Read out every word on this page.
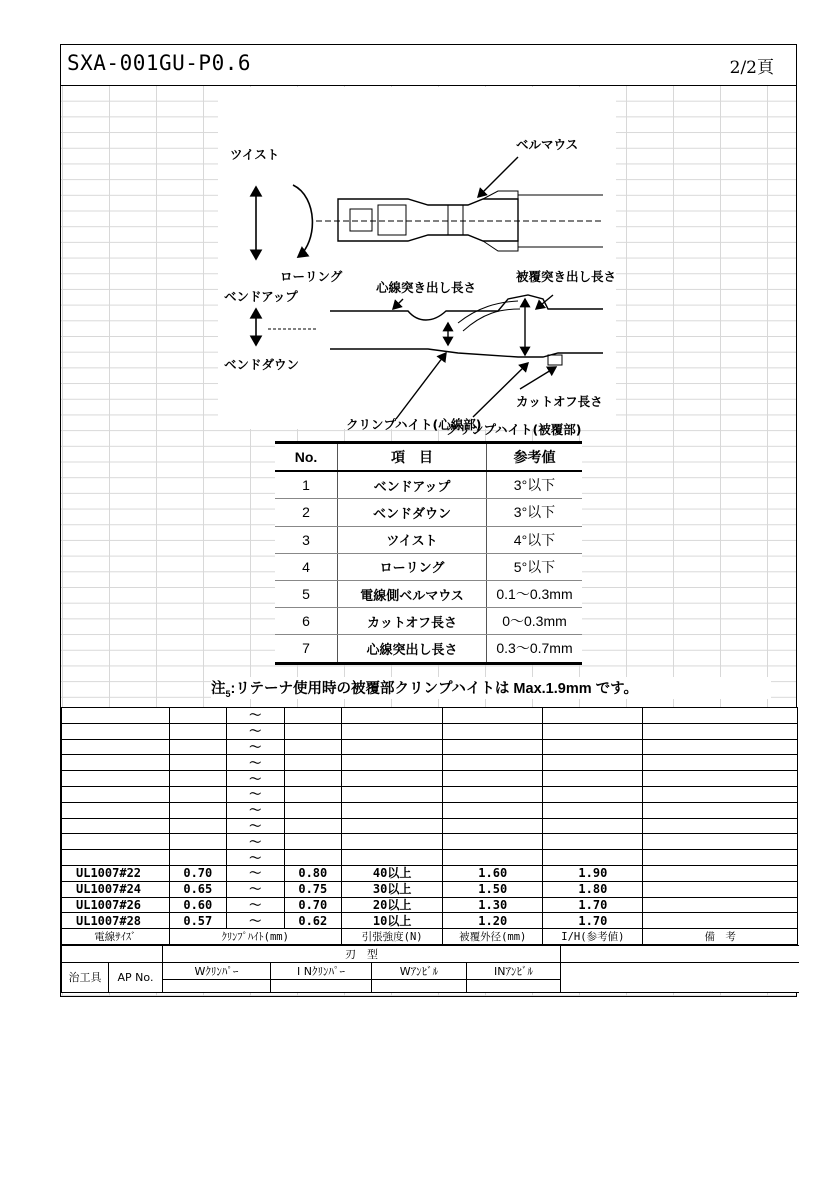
SXA-001GU-P0.6	2/2頁
ツイスト
ベルマウス
ローリング
ベンドアップ
ベンドダウン
心線突き出し長さ
被覆突き出し長さ
カットオフ長さ
クリンプハイト(被覆部)
クリンプハイト(心線部)
No.	項　目	参考値
1	ベンドアップ	3°以下
2	ベンドダウン	3°以下
3	ツイスト	4°以下
4	ローリング	5°以下
5	電線側ベルマウス	0.1～0.3mm
6	カットオフ長さ	0～0.3mm
7	心線突出し長さ	0.3～0.7mm
注$_5$:リテーナ使用時の被覆部クリンプハイトは Max.1.9mm です。
		～					
		～					
		～					
		～					
		～					
		～					
		～					
		～					
		～					
		～					
UL1007#22	0.70	～	0.80	40以上	1.60	1.90	
UL1007#24	0.65	～	0.75	30以上	1.50	1.80	
UL1007#26	0.60	～	0.70	20以上	1.30	1.70	
UL1007#28	0.57	～	0.62	10以上	1.20	1.70	
電線ｻｲｽﾞ	ｸﾘﾝﾌﾟﾊｲﾄ(mm)			引張強度(N)	被覆外径(mm)	I/H(参考値)	備　考
		刃　型				
治工具	AP No.	Wｸﾘﾝﾊﾟｰ	I Nｸﾘﾝﾊﾟｰ	Wｱﾝﾋﾞﾙ	INｱﾝﾋﾞﾙ	
